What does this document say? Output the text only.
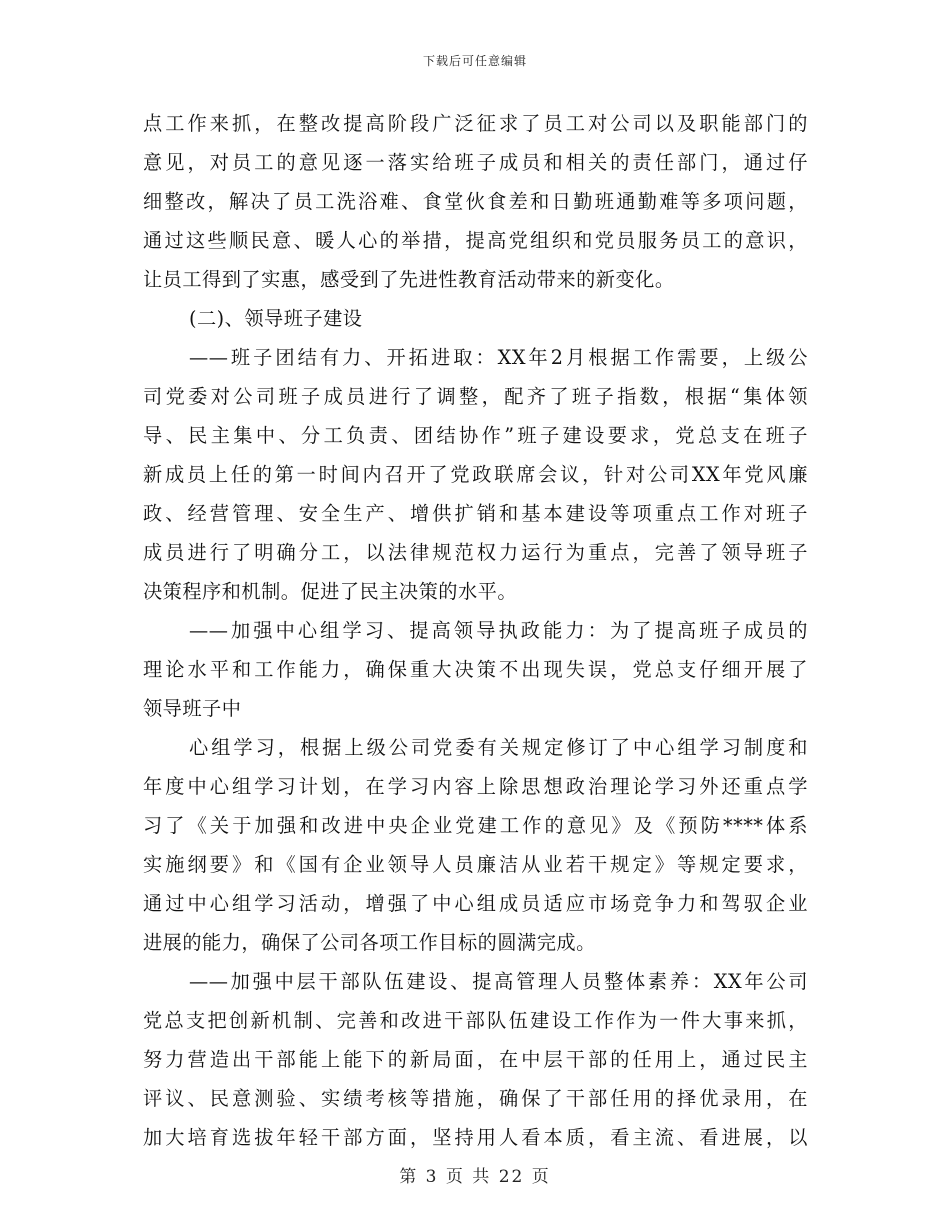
下载后可任意编辑
点工作来抓，在整改提高阶段广泛征求了员工对公司以及职能部门的
意见，对员工的意见逐一落实给班子成员和相关的责任部门，通过仔
细整改，解决了员工洗浴难、食堂伙食差和日勤班通勤难等多项问题，
通过这些顺民意、暖人心的举措，提高党组织和党员服务员工的意识，
让员工得到了实惠，感受到了先进性教育活动带来的新变化。
(二)、领导班子建设
——班子团结有力、开拓进取：XX年2月根据工作需要，上级公
司党委对公司班子成员进行了调整，配齐了班子指数，根据“集体领
导、民主集中、分工负责、团结协作”班子建设要求，党总支在班子
新成员上任的第一时间内召开了党政联席会议，针对公司XX年党风廉
政、经营管理、安全生产、增供扩销和基本建设等项重点工作对班子
成员进行了明确分工，以法律规范权力运行为重点，完善了领导班子
决策程序和机制。促进了民主决策的水平。
——加强中心组学习、提高领导执政能力：为了提高班子成员的
理论水平和工作能力，确保重大决策不出现失误，党总支仔细开展了
领导班子中
心组学习，根据上级公司党委有关规定修订了中心组学习制度和
年度中心组学习计划，在学习内容上除思想政治理论学习外还重点学
习了《关于加强和改进中央企业党建工作的意见》及《预防****体系
实施纲要》和《国有企业领导人员廉洁从业若干规定》等规定要求，
通过中心组学习活动，增强了中心组成员适应市场竞争力和驾驭企业
进展的能力，确保了公司各项工作目标的圆满完成。
——加强中层干部队伍建设、提高管理人员整体素养：XX年公司
党总支把创新机制、完善和改进干部队伍建设工作作为一件大事来抓，
努力营造出干部能上能下的新局面，在中层干部的任用上，通过民主
评议、民意测验、实绩考核等措施，确保了干部任用的择优录用，在
加大培育选拔年轻干部方面，坚持用人看本质，看主流、看进展，以
第 3 页 共 22 页
